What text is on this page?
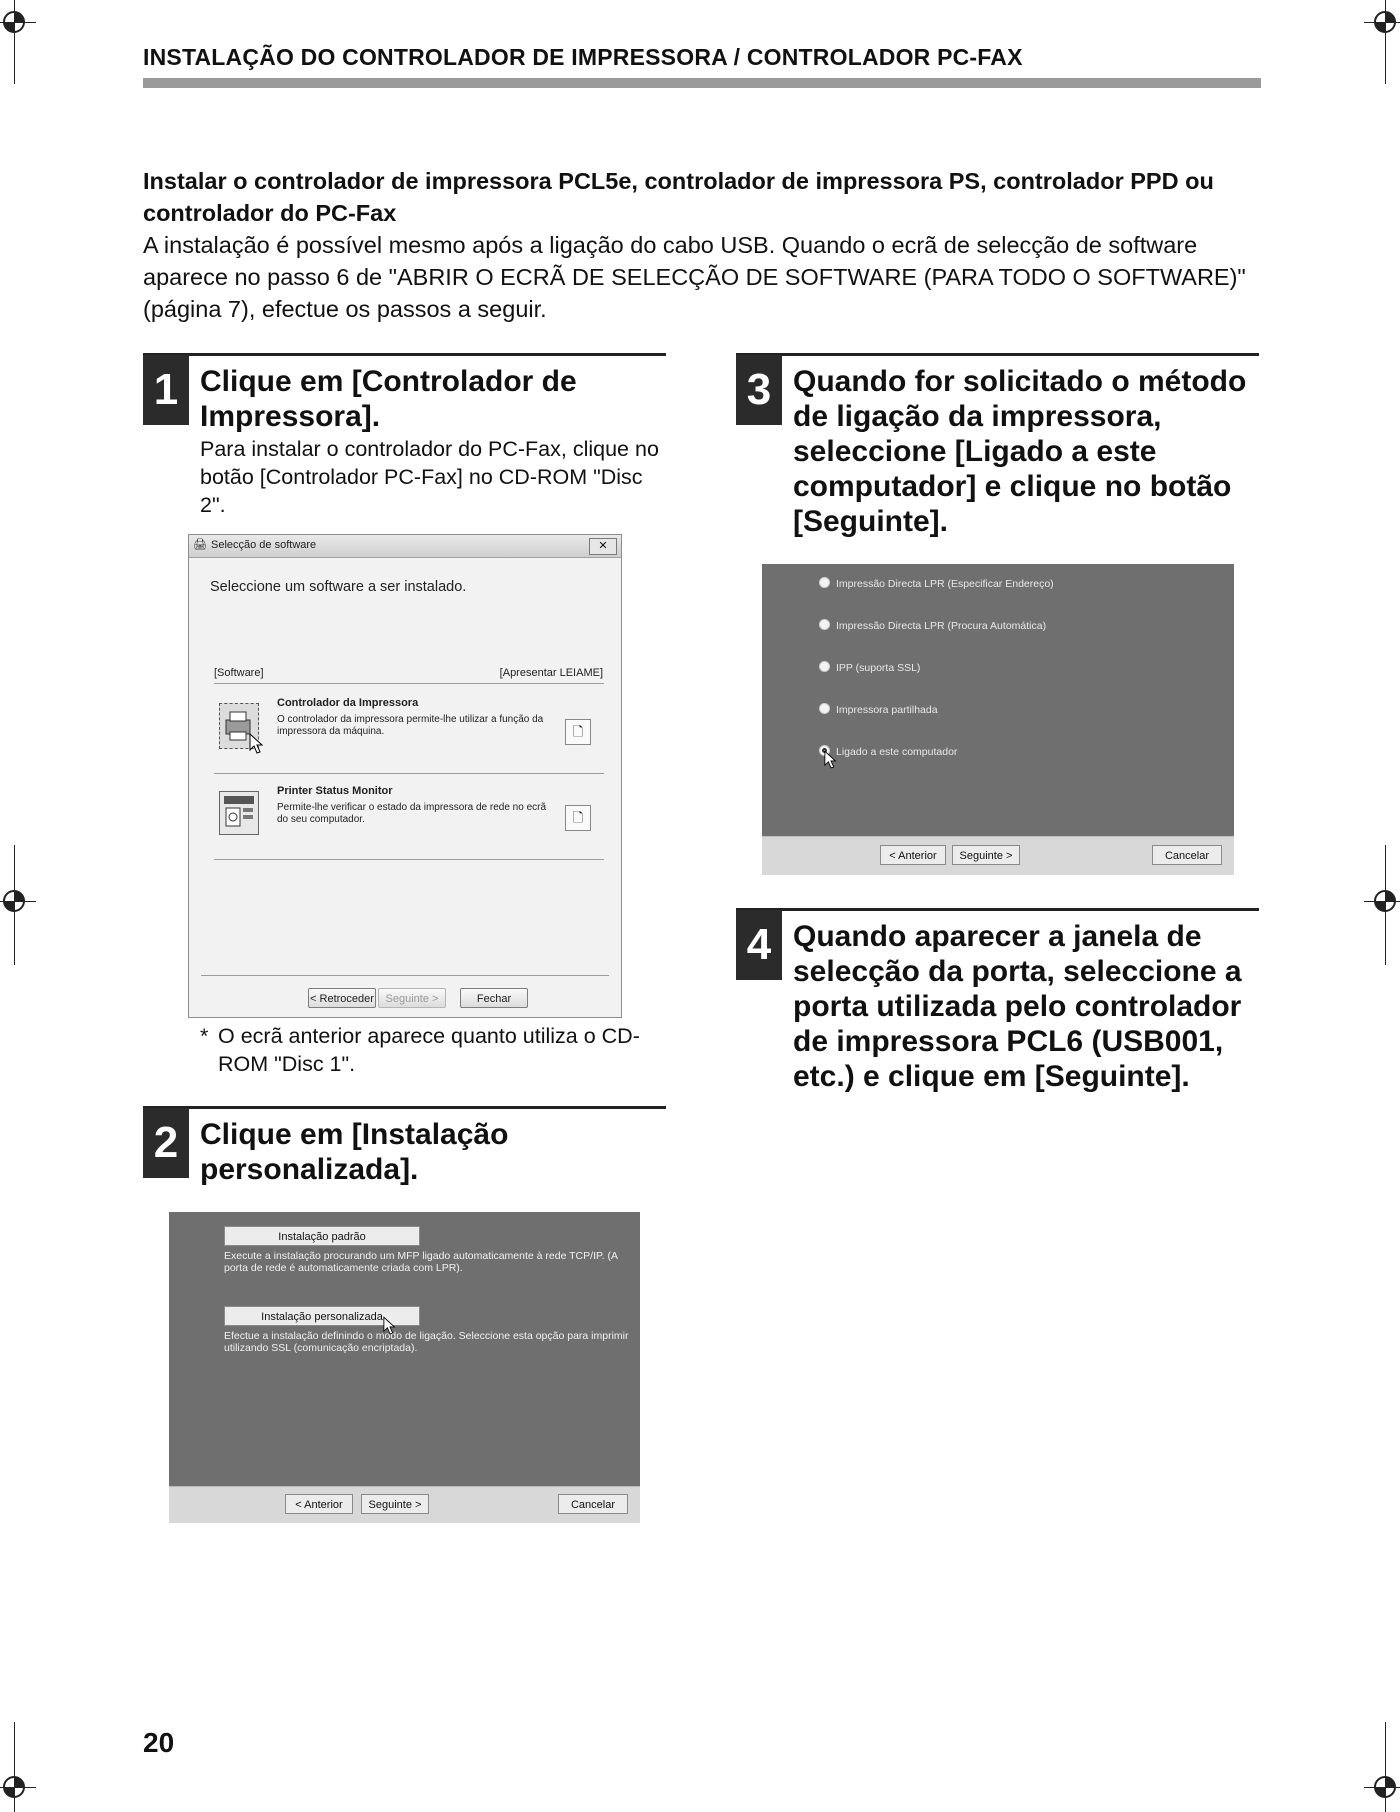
INSTALAÇÃO DO CONTROLADOR DE IMPRESSORA / CONTROLADOR PC-FAX
Instalar o controlador de impressora PCL5e, controlador de impressora PS, controlador PPD ou controlador do PC-Fax
A instalação é possível mesmo após a ligação do cabo USB. Quando o ecrã de selecção de software aparece no passo 6 de "ABRIR O ECRÃ DE SELECÇÃO DE SOFTWARE (PARA TODO O SOFTWARE)" (página 7), efectue os passos a seguir.
1 Clique em [Controlador de Impressora].
Para instalar o controlador do PC-Fax, clique no botão [Controlador PC-Fax] no CD-ROM "Disc 2".
🖨 Selecção de software	✕
Seleccione um software a ser instalado.
[Software]	[Apresentar LEIAME]
Controlador da Impressora
O controlador da impressora permite-lhe utilizar a função da impressora da máquina.	🗋
Printer Status Monitor
Permite-lhe verificar o estado da impressora de rede no ecrã do seu computador.	🗋
< Retroceder	Seguinte >	Fechar
* O ecrã anterior aparece quanto utiliza o CD-ROM "Disc 1".
2 Clique em [Instalação personalizada].
Instalação padrão
Execute a instalação procurando um MFP ligado automaticamente à rede TCP/IP. (A porta de rede é automaticamente criada com LPR).
Instalação personalizada
Efectue a instalação definindo o modo de ligação. Seleccione esta opção para imprimir utilizando SSL (comunicação encriptada).
< Anterior	Seguinte >	Cancelar
3 Quando for solicitado o método de ligação da impressora, seleccione [Ligado a este computador] e clique no botão [Seguinte].
Impressão Directa LPR (Especificar Endereço)
Impressão Directa LPR (Procura Automática)
IPP (suporta SSL)
Impressora partilhada
Ligado a este computador
< Anterior	Seguinte >	Cancelar
4 Quando aparecer a janela de selecção da porta, seleccione a porta utilizada pelo controlador de impressora PCL6 (USB001, etc.) e clique em [Seguinte].
20
